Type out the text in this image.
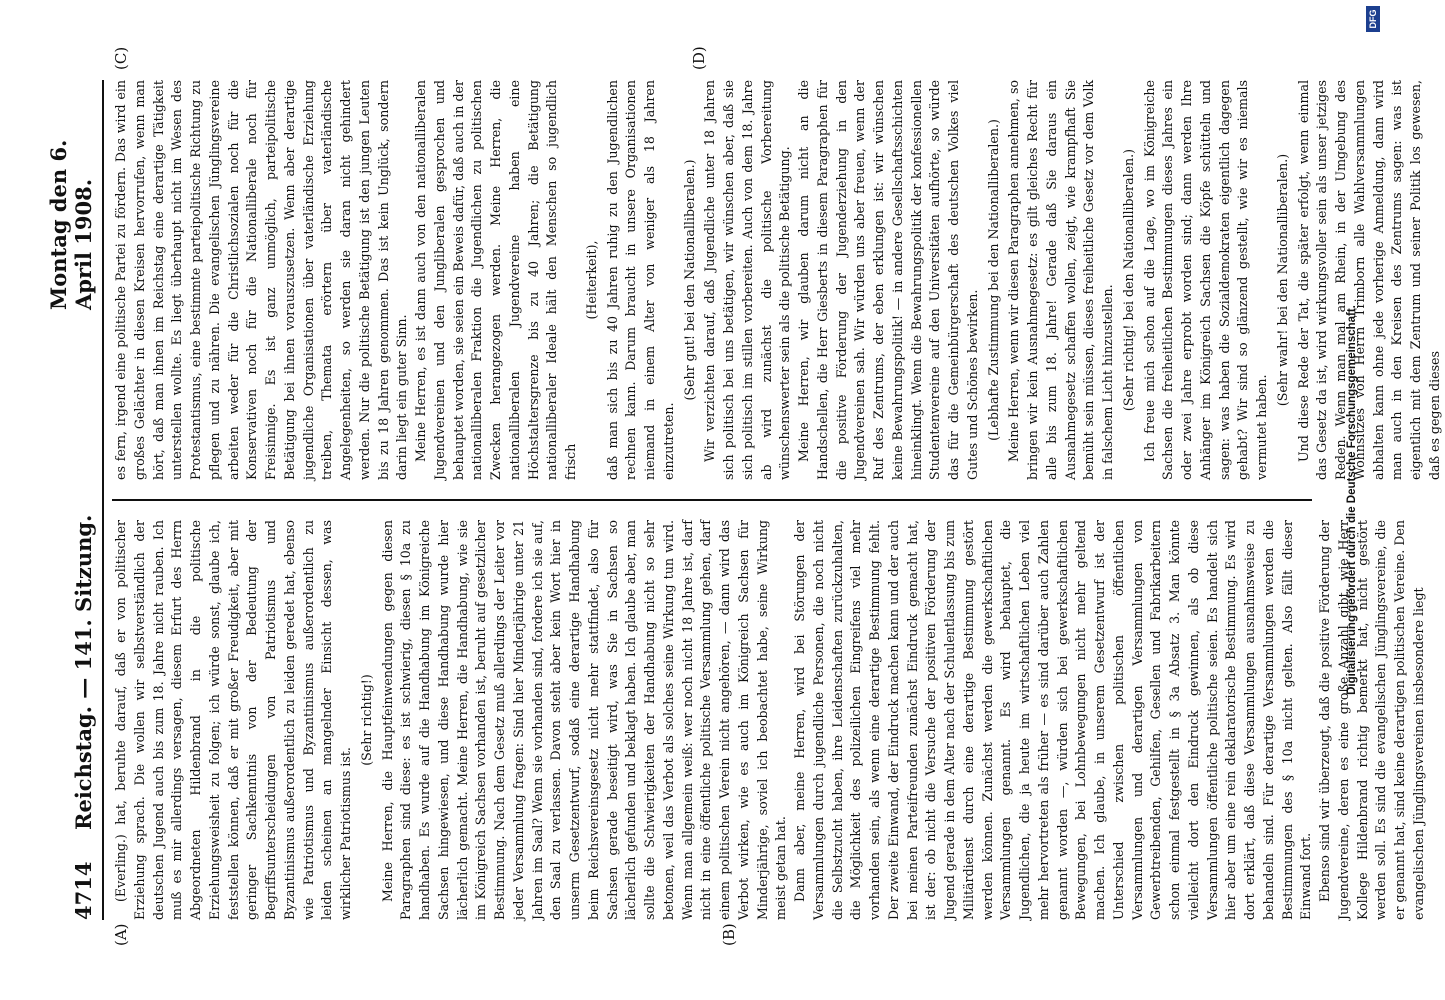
4714
Reichstag. — 141. Sitzung.
Montag den 6. April 1908.
(A)	(B)
(C)	(D)

(Everling.) hat, beruhte darauf, daß er von politischer Erziehung sprach. Die wollen wir selbstverständlich der deutschen Jugend auch bis zum 18. Jahre nicht rauben. Ich muß es mir allerdings versagen, diesem Erfurt des Herrn Abgeordneten Hildenbrand in die politische Erziehungsweisheit zu folgen; ich würde sonst, glaube ich, feststellen können, daß er mit großer Freudigkeit, aber mit geringer Sachkenntnis von der Bedeutung der Begriffsunterscheidungen von Patriotismus und Byzantinismus außerordentlich zu leiden geredet hat, ebenso wie Patriotismus und Byzantinismus außerordentlich zu leiden scheinen an mangelnder Einsicht dessen, was wirklicher Patriotismus ist.

(Sehr richtig!) Meine Herren, die Hauptfeinwendungen gegen diesen Paragraphen sind diese: es ist schwierig, diesen § 10a zu handhaben. Es wurde auf die Handhabung im Königreiche Sachsen hingewiesen, und diese Handhabung wurde hier lächerlich gemacht. Meine Herren, die Handhabung, wie sie im Königreich Sachsen vorhanden ist, beruht auf gesetzlicher Bestimmung. Nach dem Gesetz muß allerdings der Leiter vor jeder Versammlung fragen: Sind hier Minderjährige unter 21 Jahren im Saal? Wenn sie vorhanden sind, fordere ich sie auf, den Saal zu verlassen. Davon steht aber kein Wort hier in unserm Gesetzentwurf, sodaß eine derartige Handhabung beim Reichsvereinsgesetz nicht mehr stattfindet, also für Sachsen gerade beseitigt wird, was Sie in Sachsen so lächerlich gefunden und beklagt haben. Ich glaube aber, man sollte die Schwierigkeiten der Handhabung nicht so sehr betonen, weil das Verbot als solches seine Wirkung tun wird. Wenn man allgemein weiß: wer noch nicht 18 Jahre ist, darf nicht in eine öffentliche politische Versammlung gehen, darf einem politischen Verein nicht angehören, — dann wird das Verbot wirken, wie es auch im Königreich Sachsen für Minderjährige, soviel ich beobachtet habe, seine Wirkung meist getan hat. Dann aber, meine Herren, wird bei Störungen der Versammlungen durch jugendliche Personen, die noch nicht die Selbstzucht haben, ihre Leidenschaften zurückzuhalten, die Möglichkeit des polizeilichen Eingreifens viel mehr vorhanden sein, als wenn eine derartige Bestimmung fehlt. Der zweite Einwand, der Eindruck machen kann und der auch bei meinen Parteifreunden zunächst Eindruck gemacht hat, ist der: ob nicht die Versuche der positiven Förderung der Jugend gerade in dem Alter nach der Schulentlassung bis zum Militärdienst durch eine derartige Bestimmung gestört werden können. Zunächst werden die gewerkschaftlichen Versammlungen genannt. Es wird behauptet, die Jugendlichen, die ja heute im wirtschaftlichen Leben viel mehr hervortreten als früher — es sind darüber auch Zahlen genannt worden —, würden sich bei gewerkschaftlichen Bewegungen, bei Lohnbewegungen nicht mehr geltend machen. Ich glaube, in unserem Gesetzentwurf ist der Unterschied zwischen politischen öffentlichen Versammlungen und derartigen Versammlungen von Gewerbtreibenden, Gehilfen, Gesellen und Fabrikarbeitern schon einmal festgestellt in § 3a Absatz 3. Man könnte vielleicht dort den Eindruck gewinnen, als ob diese Versammlungen öffentliche politische seien. Es handelt sich hier aber um eine rein deklaratorische Bestimmung. Es wird dort erklärt, daß diese Versammlungen ausnahmsweise zu behandeln sind. Für derartige Versammlungen werden die Bestimmungen des § 10a nicht gelten. Also fällt dieser Einwand fort. Ebenso sind wir überzeugt, daß die positive Förderung der Jugendvereine, deren es eine große Anzahl gibt, wie Herr Kollege Hildenbrand richtig bemerkt hat, nicht gestört werden soll. Es sind die evangelischen Jünglingsvereine, die er genannt hat, sind keine derartigen politischen Vereine. Den evangelischen Jünglingsvereinen insbesondere liegt

es fern, irgend eine politische Partei zu fördern. Das wird ein großes Gelächter in diesen Kreisen hervorrufen, wenn man hört, daß man ihnen im Reichstag eine derartige Tätigkeit unterstellen wollte. Es liegt überhaupt nicht im Wesen des Protestantismus, eine bestimmte parteipolitische Richtung zu pflegen und zu nähren. Die evangelischen Jünglingsvereine arbeiten weder für die Christlichsozialen noch für die Konservativen noch für die Nationalliberale noch für Freisinnige. Es ist ganz unmöglich, parteipolitische Betätigung bei ihnen vorauszusetzen. Wenn aber derartige jugendliche Organisationen über vaterländische Erziehung treiben, Themata erörtern über vaterländische Angelegenheiten, so werden sie daran nicht gehindert werden. Nur die politische Betätigung ist den jungen Leuten bis zu 18 Jahren genommen. Das ist kein Unglück, sondern darin liegt ein guter Sinn. Meine Herren, es ist dann auch von den nationalliberalen Jugendvereinen und den Jungliberalen gesprochen und behauptet worden, sie seien ein Beweis dafür, daß auch in der nationalliberalen Fraktion die Jugendlichen zu politischen Zwecken herangezogen werden. Meine Herren, die nationalliberalen Jugendvereine haben eine Höchstaltersgrenze bis zu 40 Jahren; die Betätigung nationalliberaler Ideale hält den Menschen so jugendlich frisch

(Heiterkeit), daß man sich bis zu 40 Jahren ruhig zu den Jugendlichen rechnen kann. Darum braucht in unsere Organisationen niemand in einem Alter von weniger als 18 Jahren einzutreten.

(Sehr gut! bei den Nationalliberalen.) Wir verzichten darauf, daß Jugendliche unter 18 Jahren sich politisch bei uns betätigen, wir wünschen aber, daß sie sich politisch im stillen vorbereiten. Auch von dem 18. Jahre ab wird zunächst die politische Vorbereitung wünschenswerter sein als die politische Betätigung. Meine Herren, wir glauben darum nicht an die Handschellen, die Herr Giesberts in diesem Paragraphen für die positive Förderung der Jugenderziehung in den Jugendvereinen sah. Wir würden uns aber freuen, wenn der Ruf des Zentrums, der eben erklungen ist: wir wünschen keine Bewahrungspolitik! — in andere Gesellschaftsschichten hineinklingt. Wenn die Bewahrungspolitik der konfessionellen Studentenvereine auf den Universitäten aufhörte, so würde das für die Gemeinbürgerschaft des deutschen Volkes viel Gutes und Schönes bewirken. (Lebhafte Zustimmung bei den Nationalliberalen.) Meine Herren, wenn wir diesen Paragraphen annehmen, so bringen wir kein Ausnahmegesetz: es gilt gleiches Recht für alle bis zum 18. Jahre! Gerade daß Sie daraus ein Ausnahmegesetz schaffen wollen, zeigt, wie krampfhaft Sie bemüht sein müssen, dieses freiheitliche Gesetz vor dem Volk in falschem Licht hinzustellen. (Sehr richtig! bei den Nationalliberalen.) Ich freue mich schon auf die Lage, wo im Königreiche Sachsen die freiheitlichen Bestimmungen dieses Jahres ein oder zwei Jahre erprobt worden sind; dann werden Ihre Anhänger im Königreich Sachsen die Köpfe schütteln und sagen: was haben die Sozialdemokraten eigentlich dagegen gehabt? Wir sind so glänzend gestellt, wie wir es niemals vermutet haben.

(Sehr wahr! bei den Nationalliberalen.) Und diese Rede der Tat, die später erfolgt, wenn einmal das Gesetz da ist, wird wirkungsvoller sein als unser jetziges Reden. Wenn man mal am Rhein, in der Umgebung des Wohnsitzes von Herrn Trimborn alle Wahlversammlungen abhalten kann ohne jede vorherige Anmeldung, dann wird man auch in den Kreisen des Zentrums sagen: was ist eigentlich mit dem Zentrum und seiner Politik los gewesen, daß es gegen dieses

Digitalisierung gefördert durch die Deutsche Forschungsgemeinschaft.
DFG
